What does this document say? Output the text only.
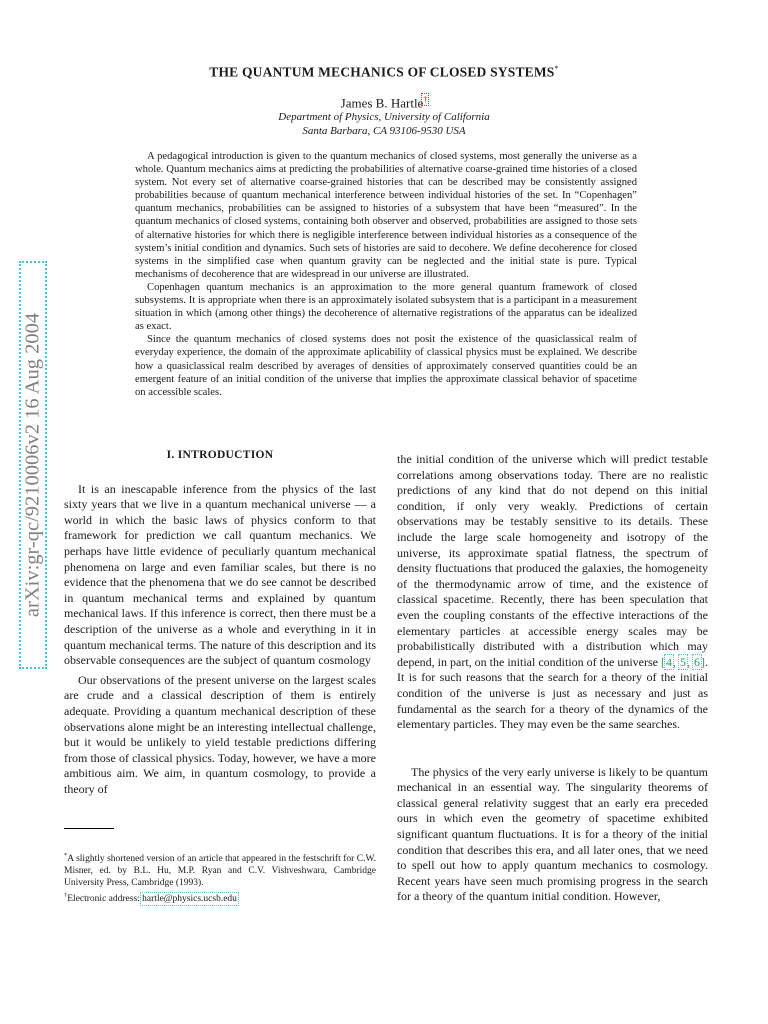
THE QUANTUM MECHANICS OF CLOSED SYSTEMS*
James B. Hartle†
Department of Physics, University of California
Santa Barbara, CA 93106-9530 USA

A pedagogical introduction is given to the quantum mechanics of closed systems, most generally the universe as a whole. Quantum mechanics aims at predicting the probabilities of alternative coarse-grained time histories of a closed system. Not every set of alternative coarse-grained histories that can be described may be consistently assigned probabilities because of quantum mechanical interference between individual histories of the set. In “Copenhagen” quantum mechanics, probabilities can be assigned to histories of a subsystem that have been “measured”. In the quantum mechanics of closed systems, containing both observer and observed, probabilities are assigned to those sets of alternative histories for which there is negligible interference between individual histories as a consequence of the system’s initial condition and dynamics. Such sets of histories are said to decohere. We define decoherence for closed systems in the simplified case when quantum gravity can be neglected and the initial state is pure. Typical mechanisms of decoherence that are widespread in our universe are illustrated.

Copenhagen quantum mechanics is an approximation to the more general quantum framework of closed subsystems. It is appropriate when there is an approximately isolated subsystem that is a participant in a measurement situation in which (among other things) the decoherence of alternative registrations of the apparatus can be idealized as exact.

Since the quantum mechanics of closed systems does not posit the existence of the quasiclassical realm of everyday experience, the domain of the approximate aplicability of classical physics must be explained. We describe how a quasiclassical realm described by averages of densities of approximately conserved quantities could be an emergent feature of an initial condition of the universe that implies the approximate classical behavior of spacetime on accessible scales.

arXiv:gr-qc/9210006v2 16 Aug 2004	I. INTRODUCTION

It is an inescapable inference from the physics of the last sixty years that we live in a quantum mechanical universe — a world in which the basic laws of physics conform to that framework for prediction we call quantum mechanics. We perhaps have little evidence of peculiarly quantum mechanical phenomena on large and even familiar scales, but there is no evidence that the phenomena that we do see cannot be described in quantum mechanical terms and explained by quantum mechanical laws. If this inference is correct, then there must be a description of the universe as a whole and everything in it in quantum mechanical terms. The nature of this description and its observable consequences are the subject of quantum cosmology

Our observations of the present universe on the largest scales are crude and a classical description of them is entirely adequate. Providing a quantum mechanical description of these observations alone might be an interesting intellectual challenge, but it would be unlikely to yield testable predictions differing from those of classical physics. Today, however, we have a more ambitious aim. We aim, in quantum cosmology, to provide a theory of

*A slightly shortened version of an article that appeared in the festschrift for C.W. Misner, ed. by B.L. Hu, M.P. Ryan and C.V. Vishveshwara, Cambridge University Press, Cambridge (1993).

†Electronic address: hartle@physics.ucsb.edu

the initial condition of the universe which will predict testable correlations among observations today. There are no realistic predictions of any kind that do not depend on this initial condition, if only very weakly. Predictions of certain observations may be testably sensitive to its details. These include the large scale homogeneity and isotropy of the universe, its approximate spatial flatness, the spectrum of density fluctuations that produced the galaxies, the homogeneity of the thermodynamic arrow of time, and the existence of classical spacetime. Recently, there has been speculation that even the coupling constants of the effective interactions of the elementary particles at accessible energy scales may be probabilistically distributed with a distribution which may depend, in part, on the initial condition of the universe [4, 5, 6]. It is for such reasons that the search for a theory of the initial condition of the universe is just as necessary and just as fundamental as the search for a theory of the dynamics of the elementary particles. They may even be the same searches.

The physics of the very early universe is likely to be quantum mechanical in an essential way. The singularity theorems of classical general relativity suggest that an early era preceded ours in which even the geometry of spacetime exhibited significant quantum fluctuations. It is for a theory of the initial condition that describes this era, and all later ones, that we need to spell out how to apply quantum mechanics to cosmology. Recent years have seen much promising progress in the search for a theory of the quantum initial condition. However,
